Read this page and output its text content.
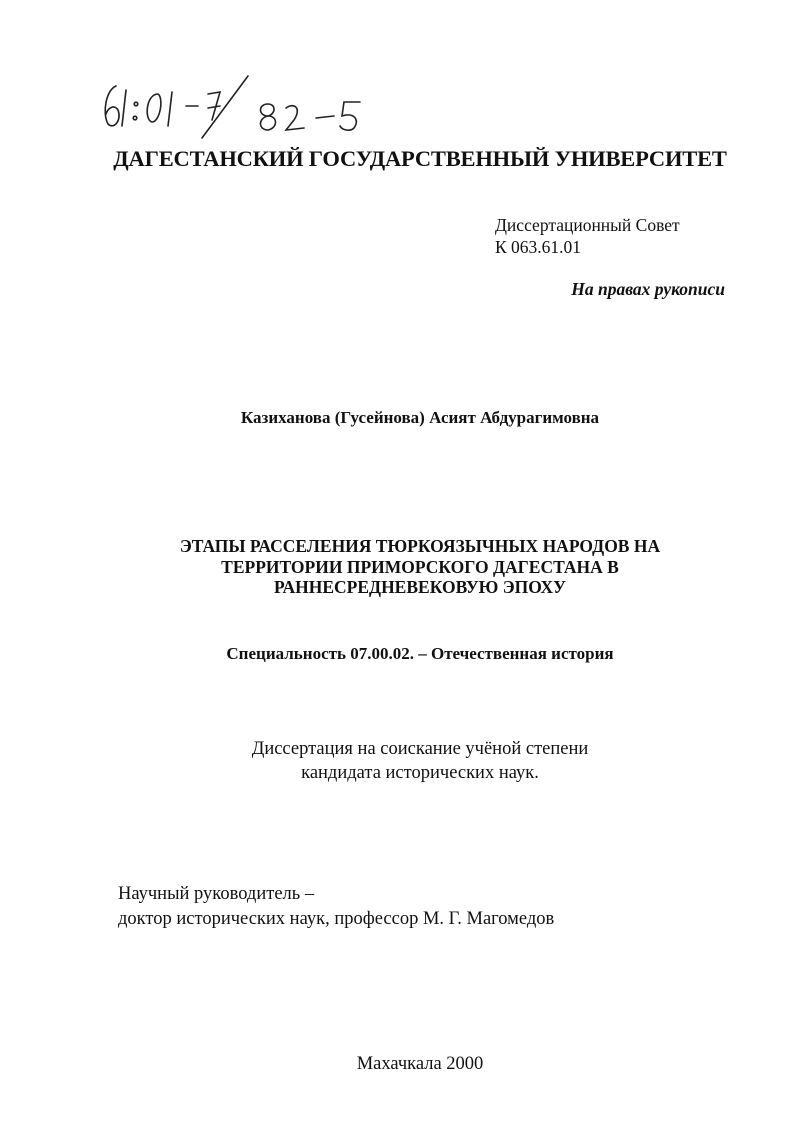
ДАГЕСТАНСКИЙ ГОСУДАРСТВЕННЫЙ УНИВЕРСИТЕТ
Диссертационный Совет
К 063.61.01
На правах рукописи
Казиханова (Гусейнова) Асият Абдурагимовна
ЭТАПЫ РАССЕЛЕНИЯ ТЮРКОЯЗЫЧНЫХ НАРОДОВ НА
ТЕРРИТОРИИ ПРИМОРСКОГО ДАГЕСТАНА В
РАННЕСРЕДНЕВЕКОВУЮ ЭПОХУ
Специальность 07.00.02. – Отечественная история
Диссертация на соискание учёной степени
кандидата исторических наук.
Научный руководитель –
доктор исторических наук, профессор М. Г. Магомедов
Махачкала 2000
